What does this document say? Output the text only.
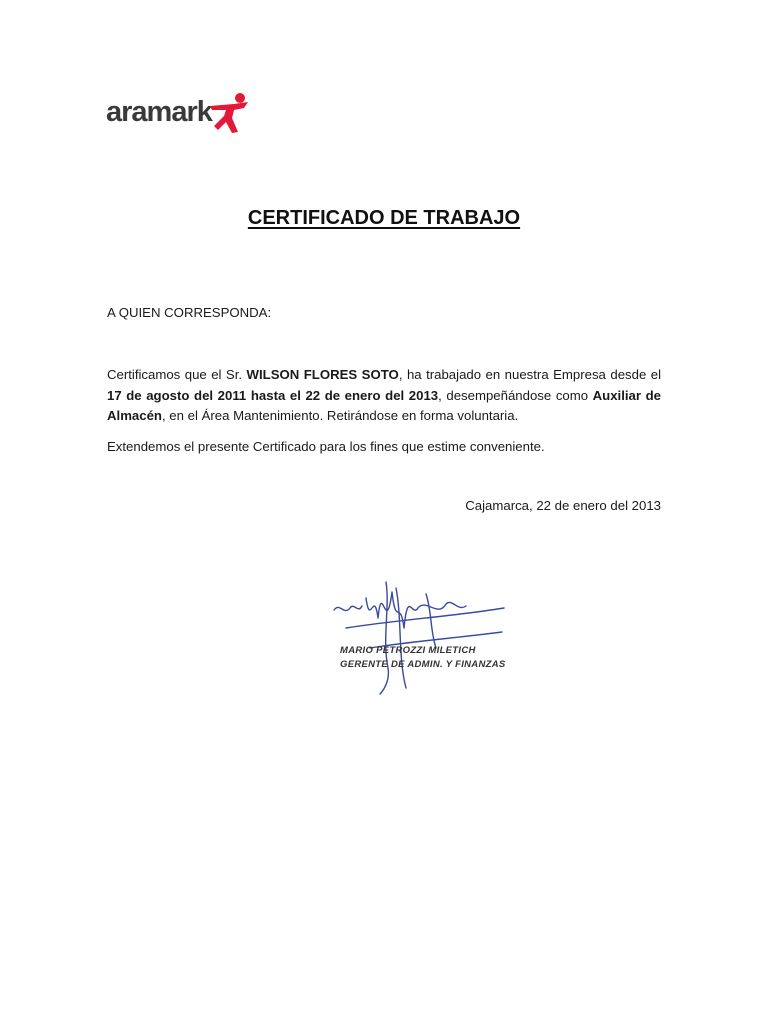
aramark
CERTIFICADO DE TRABAJO
A QUIEN CORRESPONDA:
Certificamos que el Sr. WILSON FLORES SOTO, ha trabajado en nuestra Empresa desde el 17 de agosto del 2011 hasta el 22 de enero del 2013, desempeñándose como Auxiliar de Almacén, en el Área Mantenimiento. Retirándose en forma voluntaria.
Extendemos el presente Certificado para los fines que estime conveniente.
Cajamarca, 22 de enero del 2013
MARIO PETROZZI MILETICH
GERENTE DE ADMIN. Y FINANZAS
